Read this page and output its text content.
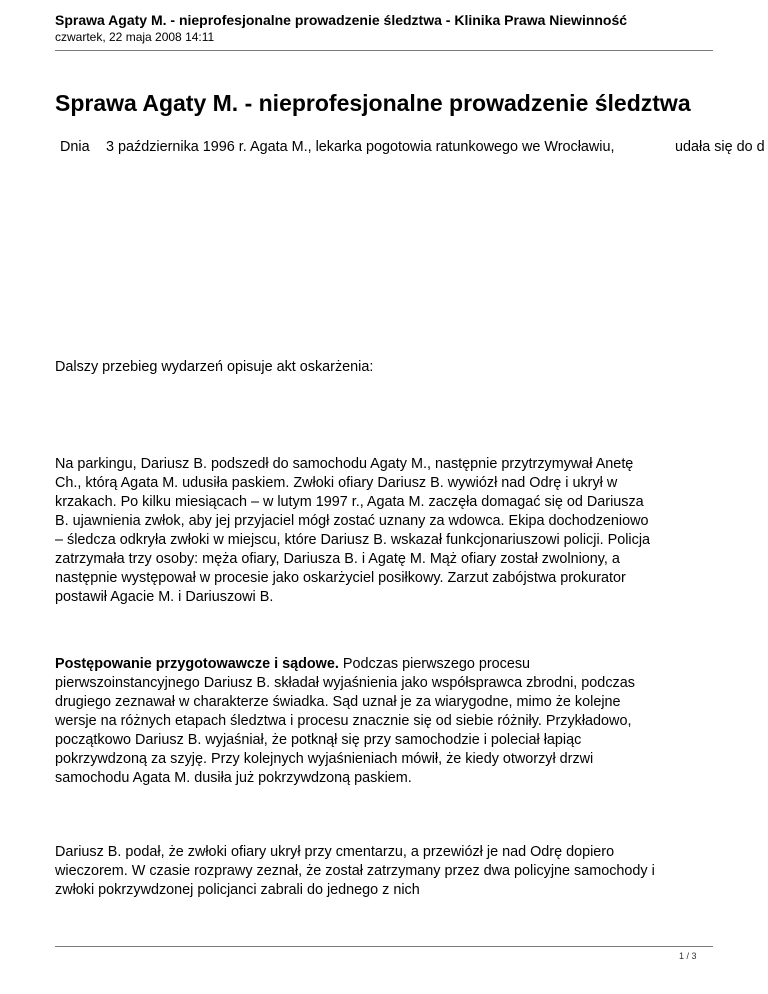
Sprawa Agaty M. - nieprofesjonalne prowadzenie śledztwa - Klinika Prawa Niewinność
czwartek, 22 maja 2008 14:11
Sprawa Agaty M. - nieprofesjonalne prowadzenie śledztwa
Dnia 3 października 1996 r. Agata M., lekarka pogotowia ratunkowego we Wrocławiu,	udała się do d

Dalszy przebieg wydarzeń opisuje akt oskarżenia:

Na parkingu, Dariusz B. podszedł do samochodu Agaty M., następnie przytrzymywał Anetę
Ch., którą Agata M. udusiła paskiem. Zwłoki ofiary Dariusz B. wywiózł nad Odrę i ukrył w
krzakach. Po kilku miesiącach – w lutym 1997 r., Agata M. zaczęła domagać się od Dariusza
B. ujawnienia zwłok, aby jej przyjaciel mógł zostać uznany za wdowca. Ekipa dochodzeniowo
– śledcza odkryła zwłoki w miejscu, które Dariusz B. wskazał funkcjonariuszowi policji. Policja
zatrzymała trzy osoby: męża ofiary, Dariusza B. i Agatę M. Mąż ofiary został zwolniony, a
następnie występował w procesie jako oskarżyciel posiłkowy. Zarzut zabójstwa prokurator
postawił Agacie M. i Dariuszowi B.

Postępowanie przygotowawcze i sądowe. Podczas pierwszego procesu
pierwszoinstancyjnego Dariusz B. składał wyjaśnienia jako współsprawca zbrodni, podczas
drugiego zeznawał w charakterze świadka. Sąd uznał je za wiarygodne, mimo że kolejne
wersje na różnych etapach śledztwa i procesu znacznie się od siebie różniły. Przykładowo,
początkowo Dariusz B. wyjaśniał, że potknął się przy samochodzie i poleciał łapiąc
pokrzywdzoną za szyję. Przy kolejnych wyjaśnieniach mówił, że kiedy otworzył drzwi
samochodu Agata M. dusiła już pokrzywdzoną paskiem.

Dariusz B. podał, że zwłoki ofiary ukrył przy cmentarzu, a przewiózł je nad Odrę dopiero
wieczorem. W czasie rozprawy zeznał, że został zatrzymany przez dwa policyjne samochody i
zwłoki pokrzywdzonej policjanci zabrali do jednego z nich

1 / 3
